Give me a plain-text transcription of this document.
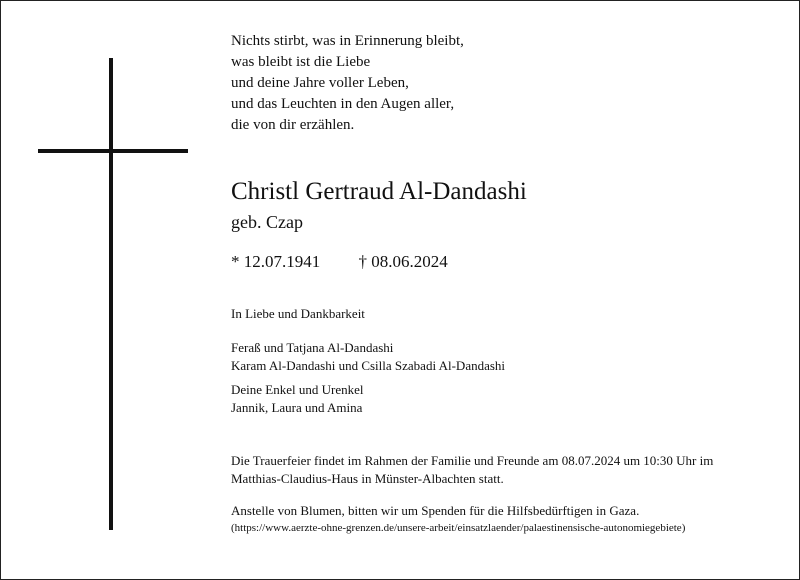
Nichts stirbt, was in Erinnerung bleibt,
was bleibt ist die Liebe
und deine Jahre voller Leben,
und das Leuchten in den Augen aller,
die von dir erzählen.
Christl Gertraud Al-Dandashi
geb. Czap
* 12.07.1941 † 08.06.2024
In Liebe und Dankbarkeit
Feraß und Tatjana Al-Dandashi
Karam Al-Dandashi und Csilla Szabadi Al-Dandashi
Deine Enkel und Urenkel
Jannik, Laura und Amina
Die Trauerfeier findet im Rahmen der Familie und Freunde am 08.07.2024 um 10:30 Uhr im
Matthias-Claudius-Haus in Münster-Albachten statt.
Anstelle von Blumen, bitten wir um Spenden für die Hilfsbedürftigen in Gaza.
(https://www.aerzte-ohne-grenzen.de/unsere-arbeit/einsatzlaender/palaestinensische-autonomiegebiete)
